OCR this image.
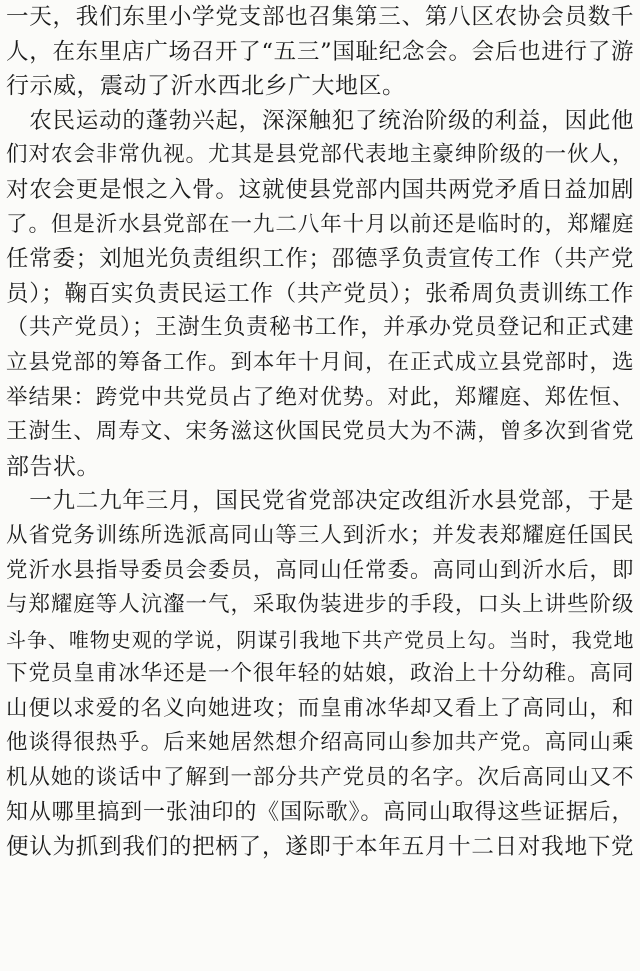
一天，我们东里小学党支部也召集第三、第八区农协会员数千
人，在东里店广场召开了“五三”国耻纪念会。会后也进行了游
行示威，震动了沂水西北乡广大地区。
　农民运动的蓬勃兴起，深深触犯了统治阶级的利益，因此他
们对农会非常仇视。尤其是县党部代表地主豪绅阶级的一伙人，
对农会更是恨之入骨。这就使县党部内国共两党矛盾日益加剧
了。但是沂水县党部在一九二八年十月以前还是临时的，郑耀庭
任常委；刘旭光负责组织工作；邵德孚负责宣传工作（共产党
员）；鞠百实负责民运工作（共产党员）；张希周负责训练工作
（共产党员）；王澍生负责秘书工作，并承办党员登记和正式建
立县党部的筹备工作。到本年十月间，在正式成立县党部时，选
举结果：跨党中共党员占了绝对优势。对此，郑耀庭、郑佐恒、
王澍生、周寿文、宋务滋这伙国民党员大为不满，曾多次到省党
部告状。
　一九二九年三月，国民党省党部决定改组沂水县党部，于是
从省党务训练所选派高同山等三人到沂水；并发表郑耀庭任国民
党沂水县指导委员会委员，高同山任常委。高同山到沂水后，即
与郑耀庭等人沆瀣一气，采取伪装进步的手段，口头上讲些阶级
斗争、唯物史观的学说，阴谋引我地下共产党员上勾。当时，我党地
下党员皇甫冰华还是一个很年轻的姑娘，政治上十分幼稚。高同
山便以求爱的名义向她进攻；而皇甫冰华却又看上了高同山，和
他谈得很热乎。后来她居然想介绍高同山参加共产党。高同山乘
机从她的谈话中了解到一部分共产党员的名字。次后高同山又不
知从哪里搞到一张油印的《国际歌》。高同山取得这些证据后，
便认为抓到我们的把柄了，遂即于本年五月十二日对我地下党
